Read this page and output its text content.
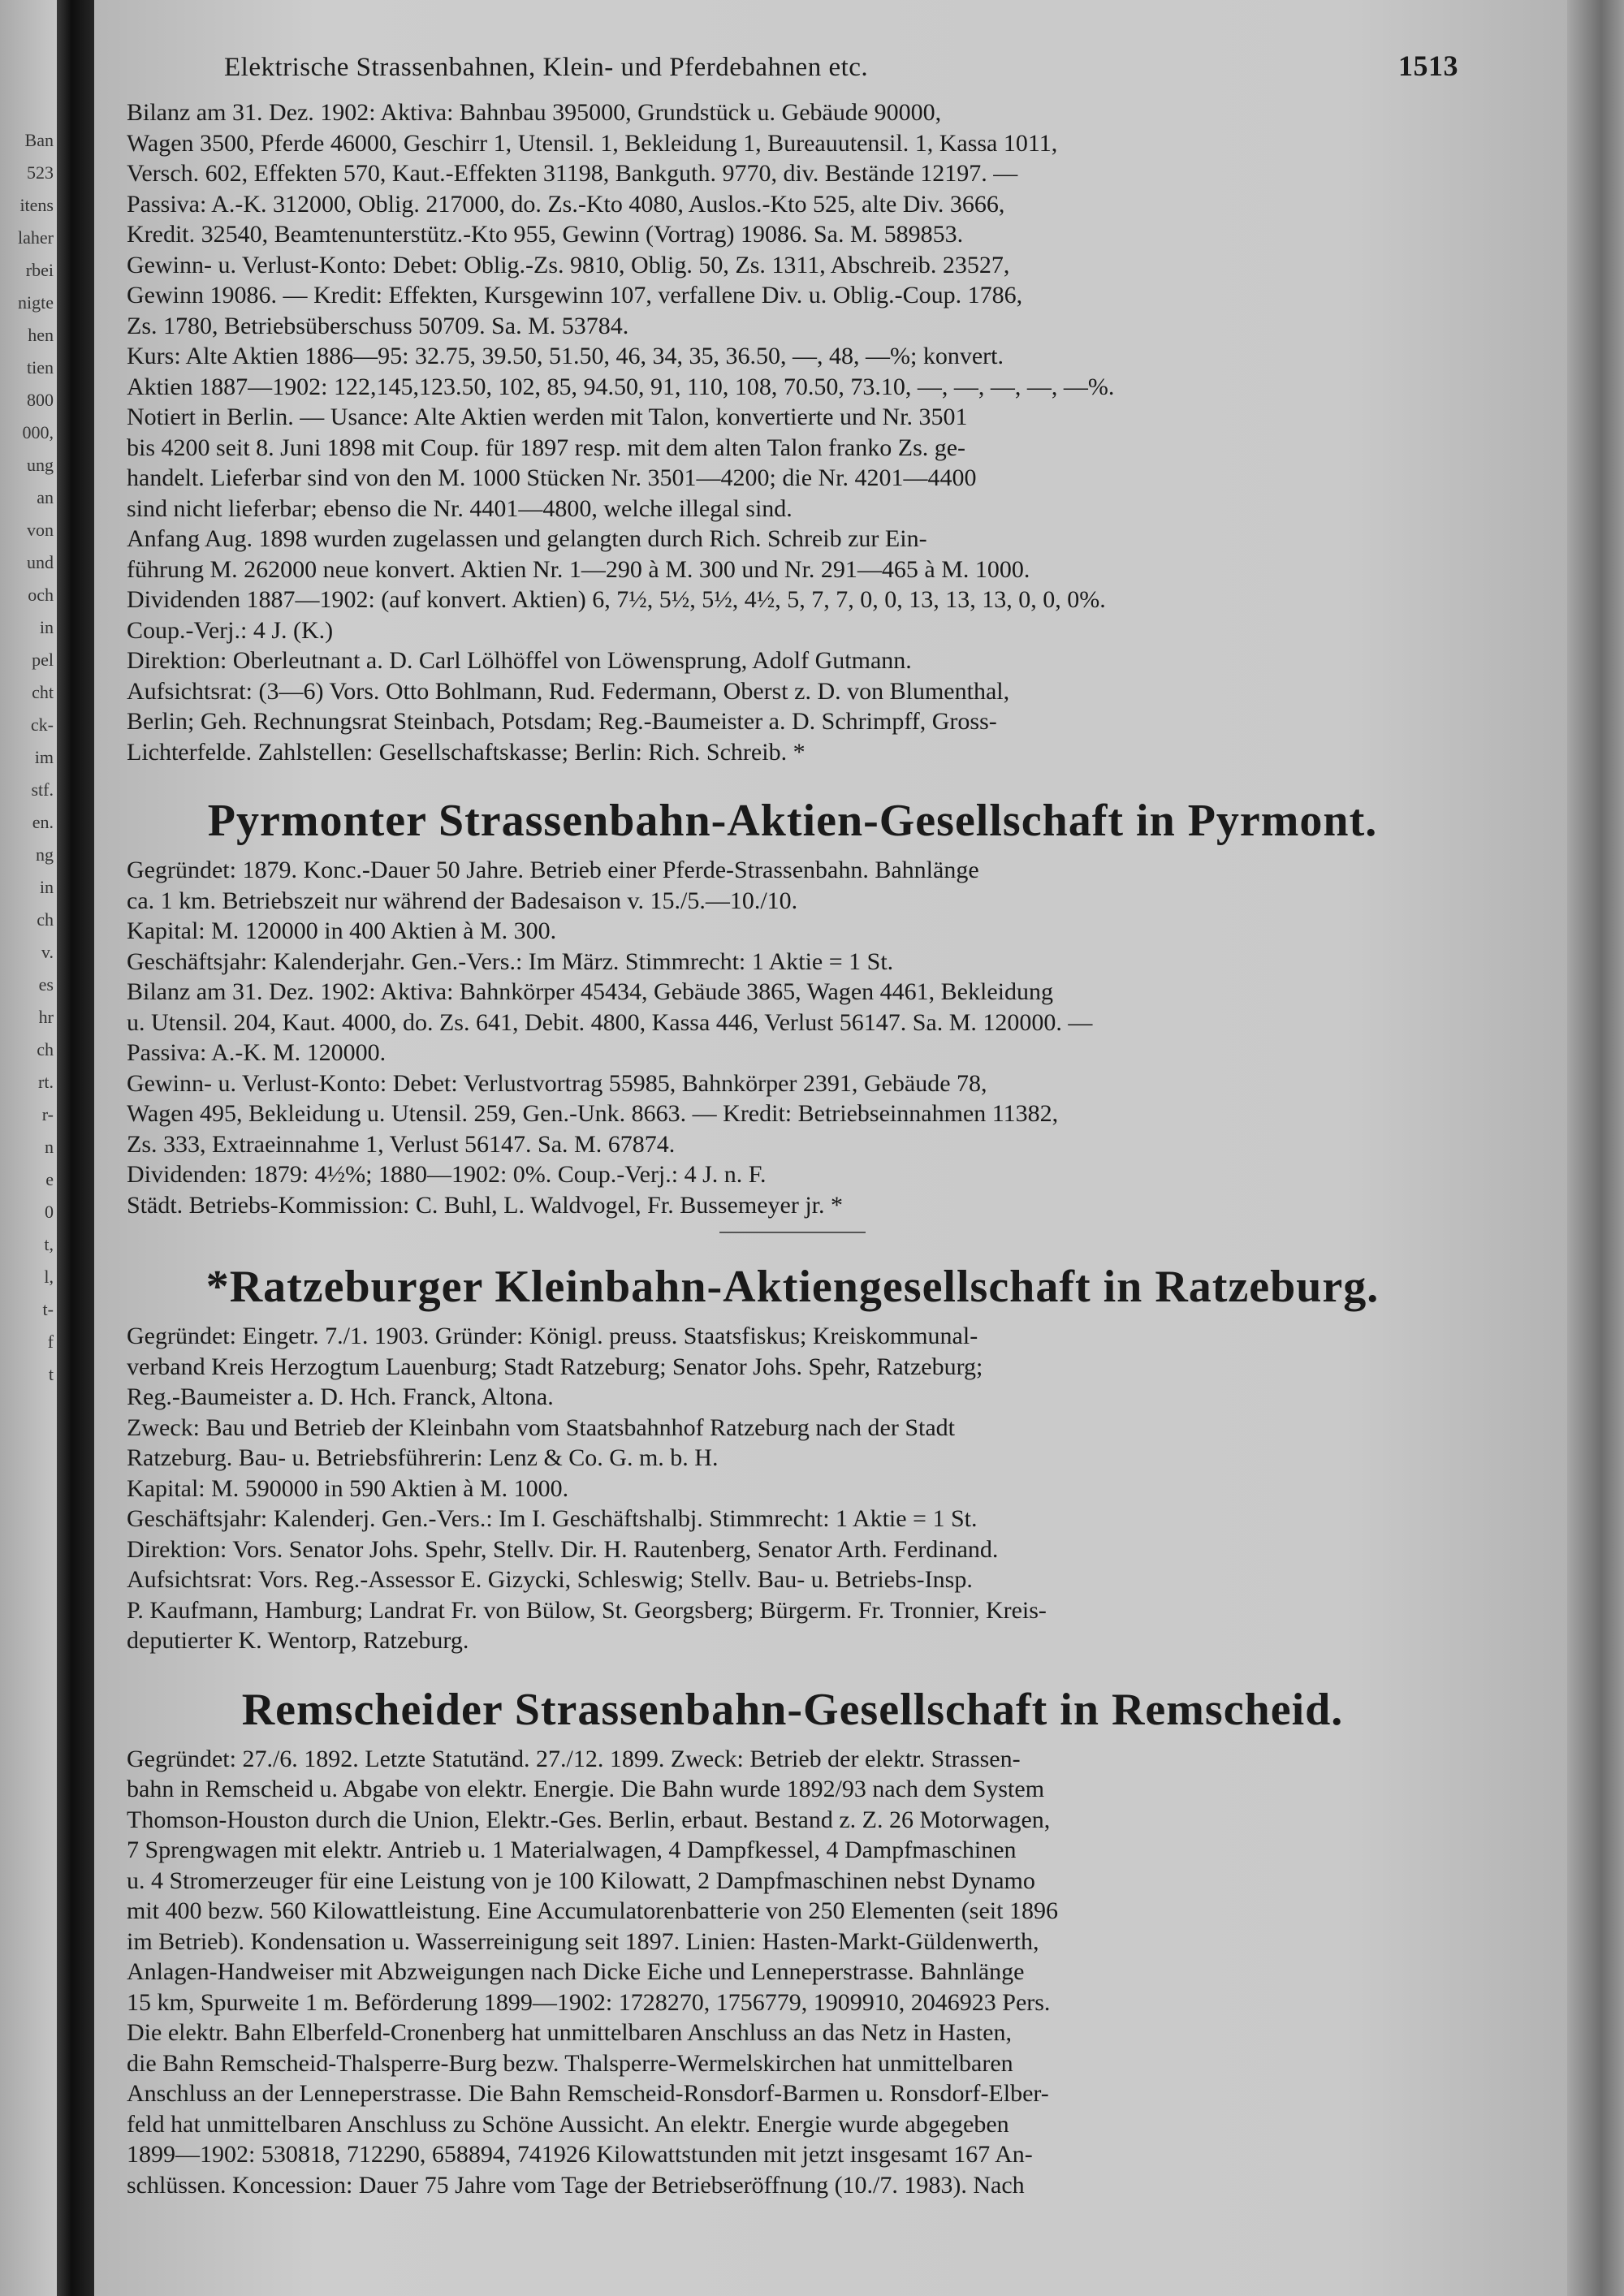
Ban
523
itens
laher
rbei
nigte
hen
tien
800
000,
ung
an
von
und
och
in
pel
cht
ck-
im
stf.
en.
ng
in
ch
v.
es
hr
ch
rt.
r-
n
e
0
t,
l,
t-
f
t
Elektrische Strassenbahnen, Klein- und Pferdebahnen etc.	1513

Bilanz am 31. Dez. 1902: Aktiva: Bahnbau 395000, Grundstück u. Gebäude 90000,

Wagen 3500, Pferde 46000, Geschirr 1, Utensil. 1, Bekleidung 1, Bureauutensil. 1, Kassa 1011,

Versch. 602, Effekten 570, Kaut.-Effekten 31198, Bankguth. 9770, div. Bestände 12197. —

Passiva: A.-K. 312000, Oblig. 217000, do. Zs.-Kto 4080, Auslos.-Kto 525, alte Div. 3666,

Kredit. 32540, Beamtenunterstütz.-Kto 955, Gewinn (Vortrag) 19086. Sa. M. 589853.

Gewinn- u. Verlust-Konto: Debet: Oblig.-Zs. 9810, Oblig. 50, Zs. 1311, Abschreib. 23527,

Gewinn 19086. — Kredit: Effekten, Kursgewinn 107, verfallene Div. u. Oblig.-Coup. 1786,

Zs. 1780, Betriebsüberschuss 50709. Sa. M. 53784.

Kurs: Alte Aktien 1886—95: 32.75, 39.50, 51.50, 46, 34, 35, 36.50, —, 48, —%; konvert.

Aktien 1887—1902: 122,145,123.50, 102, 85, 94.50, 91, 110, 108, 70.50, 73.10, —, —, —, —, —%.

Notiert in Berlin. — Usance: Alte Aktien werden mit Talon, konvertierte und Nr. 3501

bis 4200 seit 8. Juni 1898 mit Coup. für 1897 resp. mit dem alten Talon franko Zs. ge-

handelt. Lieferbar sind von den M. 1000 Stücken Nr. 3501—4200; die Nr. 4201—4400

sind nicht lieferbar; ebenso die Nr. 4401—4800, welche illegal sind.

Anfang Aug. 1898 wurden zugelassen und gelangten durch Rich. Schreib zur Ein-

führung M. 262000 neue konvert. Aktien Nr. 1—290 à M. 300 und Nr. 291—465 à M. 1000.

Dividenden 1887—1902: (auf konvert. Aktien) 6, 7½, 5½, 5½, 4½, 5, 7, 7, 0, 0, 13, 13, 13, 0, 0, 0%.

Coup.-Verj.: 4 J. (K.)

Direktion: Oberleutnant a. D. Carl Lölhöffel von Löwensprung, Adolf Gutmann.

Aufsichtsrat: (3—6) Vors. Otto Bohlmann, Rud. Federmann, Oberst z. D. von Blumenthal,

Berlin; Geh. Rechnungsrat Steinbach, Potsdam; Reg.-Baumeister a. D. Schrimpff, Gross-

Lichterfelde. Zahlstellen: Gesellschaftskasse; Berlin: Rich. Schreib. *

Pyrmonter Strassenbahn-Aktien-Gesellschaft in Pyrmont.

Gegründet: 1879. Konc.-Dauer 50 Jahre. Betrieb einer Pferde-Strassenbahn. Bahnlänge

ca. 1 km. Betriebszeit nur während der Badesaison v. 15./5.—10./10.

Kapital: M. 120000 in 400 Aktien à M. 300.

Geschäftsjahr: Kalenderjahr. Gen.-Vers.: Im März. Stimmrecht: 1 Aktie = 1 St.

Bilanz am 31. Dez. 1902: Aktiva: Bahnkörper 45434, Gebäude 3865, Wagen 4461, Bekleidung

u. Utensil. 204, Kaut. 4000, do. Zs. 641, Debit. 4800, Kassa 446, Verlust 56147. Sa. M. 120000. —

Passiva: A.-K. M. 120000.

Gewinn- u. Verlust-Konto: Debet: Verlustvortrag 55985, Bahnkörper 2391, Gebäude 78,

Wagen 495, Bekleidung u. Utensil. 259, Gen.-Unk. 8663. — Kredit: Betriebseinnahmen 11382,

Zs. 333, Extraeinnahme 1, Verlust 56147. Sa. M. 67874.

Dividenden: 1879: 4½%; 1880—1902: 0%. Coup.-Verj.: 4 J. n. F.

Städt. Betriebs-Kommission: C. Buhl, L. Waldvogel, Fr. Bussemeyer jr. *

*Ratzeburger Kleinbahn-Aktiengesellschaft in Ratzeburg.

Gegründet: Eingetr. 7./1. 1903. Gründer: Königl. preuss. Staatsfiskus; Kreiskommunal-

verband Kreis Herzogtum Lauenburg; Stadt Ratzeburg; Senator Johs. Spehr, Ratzeburg;

Reg.-Baumeister a. D. Hch. Franck, Altona.

Zweck: Bau und Betrieb der Kleinbahn vom Staatsbahnhof Ratzeburg nach der Stadt

Ratzeburg. Bau- u. Betriebsführerin: Lenz & Co. G. m. b. H.

Kapital: M. 590000 in 590 Aktien à M. 1000.

Geschäftsjahr: Kalenderj. Gen.-Vers.: Im I. Geschäftshalbj. Stimmrecht: 1 Aktie = 1 St.

Direktion: Vors. Senator Johs. Spehr, Stellv. Dir. H. Rautenberg, Senator Arth. Ferdinand.

Aufsichtsrat: Vors. Reg.-Assessor E. Gizycki, Schleswig; Stellv. Bau- u. Betriebs-Insp.

P. Kaufmann, Hamburg; Landrat Fr. von Bülow, St. Georgsberg; Bürgerm. Fr. Tronnier, Kreis-

deputierter K. Wentorp, Ratzeburg.

Remscheider Strassenbahn-Gesellschaft in Remscheid.

Gegründet: 27./6. 1892. Letzte Statutänd. 27./12. 1899. Zweck: Betrieb der elektr. Strassen-

bahn in Remscheid u. Abgabe von elektr. Energie. Die Bahn wurde 1892/93 nach dem System

Thomson-Houston durch die Union, Elektr.-Ges. Berlin, erbaut. Bestand z. Z. 26 Motorwagen,

7 Sprengwagen mit elektr. Antrieb u. 1 Materialwagen, 4 Dampfkessel, 4 Dampfmaschinen

u. 4 Stromerzeuger für eine Leistung von je 100 Kilowatt, 2 Dampfmaschinen nebst Dynamo

mit 400 bezw. 560 Kilowattleistung. Eine Accumulatorenbatterie von 250 Elementen (seit 1896

im Betrieb). Kondensation u. Wasserreinigung seit 1897. Linien: Hasten-Markt-Güldenwerth,

Anlagen-Handweiser mit Abzweigungen nach Dicke Eiche und Lenneperstrasse. Bahnlänge

15 km, Spurweite 1 m. Beförderung 1899—1902: 1728270, 1756779, 1909910, 2046923 Pers.

Die elektr. Bahn Elberfeld-Cronenberg hat unmittelbaren Anschluss an das Netz in Hasten,

die Bahn Remscheid-Thalsperre-Burg bezw. Thalsperre-Wermelskirchen hat unmittelbaren

Anschluss an der Lenneperstrasse. Die Bahn Remscheid-Ronsdorf-Barmen u. Ronsdorf-Elber-

feld hat unmittelbaren Anschluss zu Schöne Aussicht. An elektr. Energie wurde abgegeben

1899—1902: 530818, 712290, 658894, 741926 Kilowattstunden mit jetzt insgesamt 167 An-

schlüssen. Koncession: Dauer 75 Jahre vom Tage der Betriebseröffnung (10./7. 1983). Nach
